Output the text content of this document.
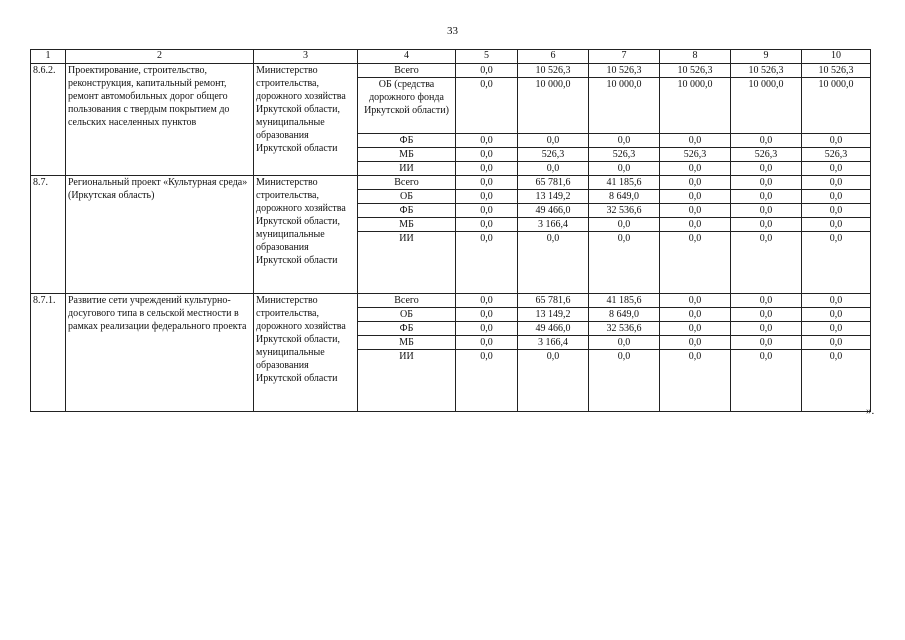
33
1	2	3	4	5	6	7	8	9	10
8.6.2.	Проектирование, строительство, реконструкция, капитальный ремонт, ремонт автомобильных дорог общего пользования с твердым покрытием до сельских населенных пунктов	Министерство строительства, дорожного хозяйства Иркутской области, муниципальные образования Иркутской области	Всего	0,0	10 526,3	10 526,3	10 526,3	10 526,3	10 526,3
			ОБ (средства дорожного фонда Иркутской области)	0,0	10 000,0	10 000,0	10 000,0	10 000,0	10 000,0
			ФБ	0,0	0,0	0,0	0,0	0,0	0,0
			МБ	0,0	526,3	526,3	526,3	526,3	526,3
			ИИ	0,0	0,0	0,0	0,0	0,0	0,0
8.7.	Региональный проект «Культурная среда» (Иркутская область)	Министерство строительства, дорожного хозяйства Иркутской области, муниципальные образования Иркутской области	Всего	0,0	65 781,6	41 185,6	0,0	0,0	0,0
			ОБ	0,0	13 149,2	8 649,0	0,0	0,0	0,0
			ФБ	0,0	49 466,0	32 536,6	0,0	0,0	0,0
			МБ	0,0	3 166,4	0,0	0,0	0,0	0,0
			ИИ	0,0	0,0	0,0	0,0	0,0	0,0
8.7.1.	Развитие сети учреждений культурно-досугового типа в сельской местности в рамках реализации федерального проекта	Министерство строительства, дорожного хозяйства Иркутской области, муниципальные образования Иркутской области	Всего	0,0	65 781,6	41 185,6	0,0	0,0	0,0
			ОБ	0,0	13 149,2	8 649,0	0,0	0,0	0,0
			ФБ	0,0	49 466,0	32 536,6	0,0	0,0	0,0
			МБ	0,0	3 166,4	0,0	0,0	0,0	0,0
			ИИ	0,0	0,0	0,0	0,0	0,0	0,0
».
